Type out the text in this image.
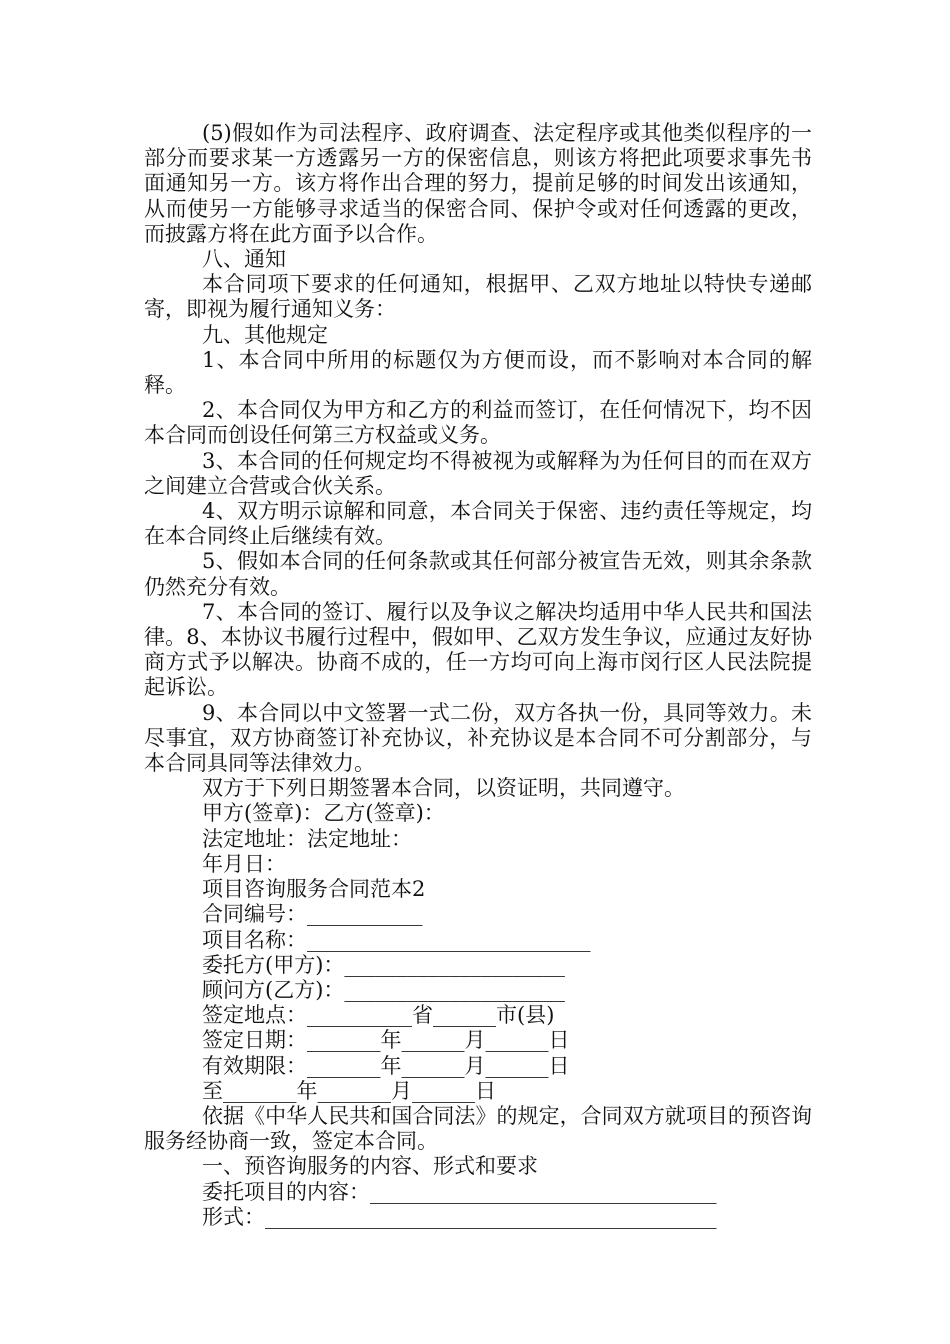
(5)假如作为司法程序、政府调查、法定程序或其他类似程序的一部分而要求某一方透露另一方的保密信息，则该方将把此项要求事先书面通知另一方。该方将作出合理的努力，提前足够的时间发出该通知，从而使另一方能够寻求适当的保密合同、保护令或对任何透露的更改，而披露方将在此方面予以合作。

八、通知

本合同项下要求的任何通知，根据甲、乙双方地址以特快专递邮寄，即视为履行通知义务：

九、其他规定

1、本合同中所用的标题仅为方便而设，而不影响对本合同的解释。

2、本合同仅为甲方和乙方的利益而签订，在任何情况下，均不因本合同而创设任何第三方权益或义务。

3、本合同的任何规定均不得被视为或解释为为任何目的而在双方之间建立合营或合伙关系。

4、双方明示谅解和同意，本合同关于保密、违约责任等规定，均在本合同终止后继续有效。

5、假如本合同的任何条款或其任何部分被宣告无效，则其余条款仍然充分有效。

7、本合同的签订、履行以及争议之解决均适用中华人民共和国法律。8、本协议书履行过程中，假如甲、乙双方发生争议，应通过友好协商方式予以解决。协商不成的，任一方均可向上海市闵行区人民法院提起诉讼。

9、本合同以中文签署一式二份，双方各执一份，具同等效力。未尽事宜，双方协商签订补充协议，补充协议是本合同不可分割部分，与本合同具同等法律效力。

双方于下列日期签署本合同，以资证明，共同遵守。

甲方(签章)：乙方(签章)：

法定地址：法定地址：

年月日：

项目咨询服务合同范本2

合同编号：___________

项目名称：___________________________

委托方(甲方)：_____________________

顾问方(乙方)：_____________________

签定地点：__________省______市(县)

签定日期：_______年______月______日

有效期限：_______年______月______日

至_______年_______月______日

依据《中华人民共和国合同法》的规定，合同双方就项目的预咨询服务经协商一致，签定本合同。

一、预咨询服务的内容、形式和要求

委托项目的内容：_________________________________

形式：___________________________________________
